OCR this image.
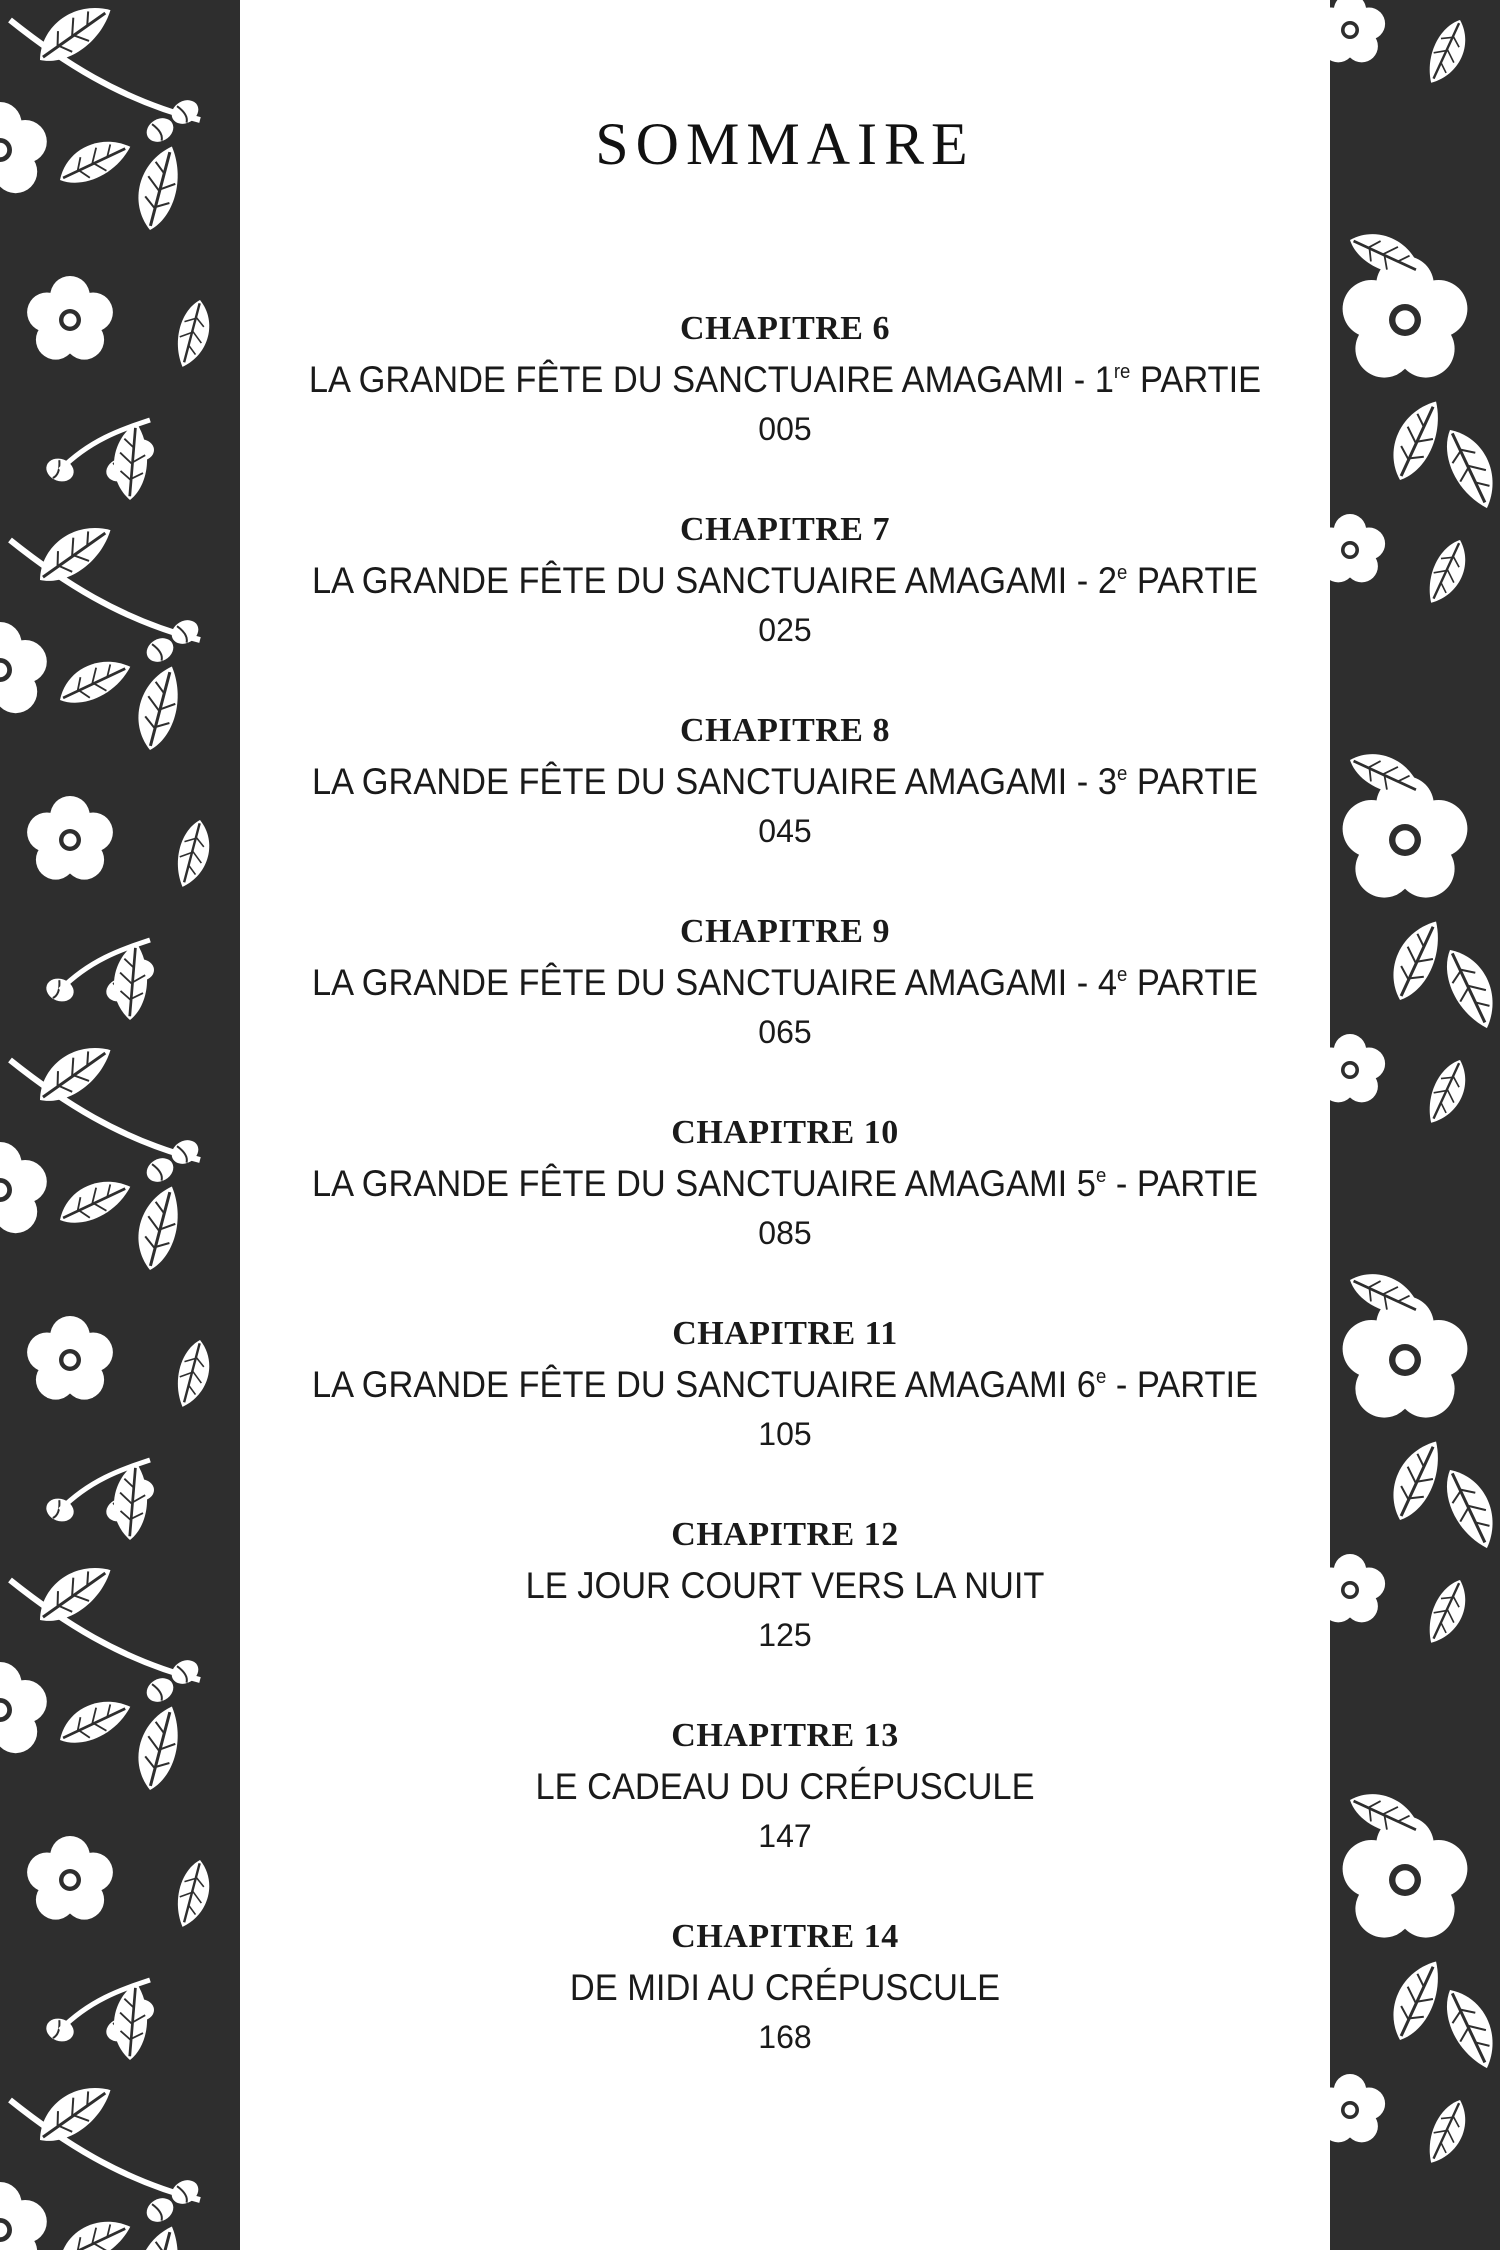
SOMMAIRE
CHAPITRE 6
LA GRANDE FÊTE DU SANCTUAIRE AMAGAMI - 1re PARTIE
005
CHAPITRE 7
LA GRANDE FÊTE DU SANCTUAIRE AMAGAMI - 2e PARTIE
025
CHAPITRE 8
LA GRANDE FÊTE DU SANCTUAIRE AMAGAMI - 3e PARTIE
045
CHAPITRE 9
LA GRANDE FÊTE DU SANCTUAIRE AMAGAMI - 4e PARTIE
065
CHAPITRE 10
LA GRANDE FÊTE DU SANCTUAIRE AMAGAMI 5e - PARTIE
085
CHAPITRE 11
LA GRANDE FÊTE DU SANCTUAIRE AMAGAMI 6e - PARTIE
105
CHAPITRE 12
LE JOUR COURT VERS LA NUIT
125
CHAPITRE 13
LE CADEAU DU CRÉPUSCULE
147
CHAPITRE 14
DE MIDI AU CRÉPUSCULE
168
